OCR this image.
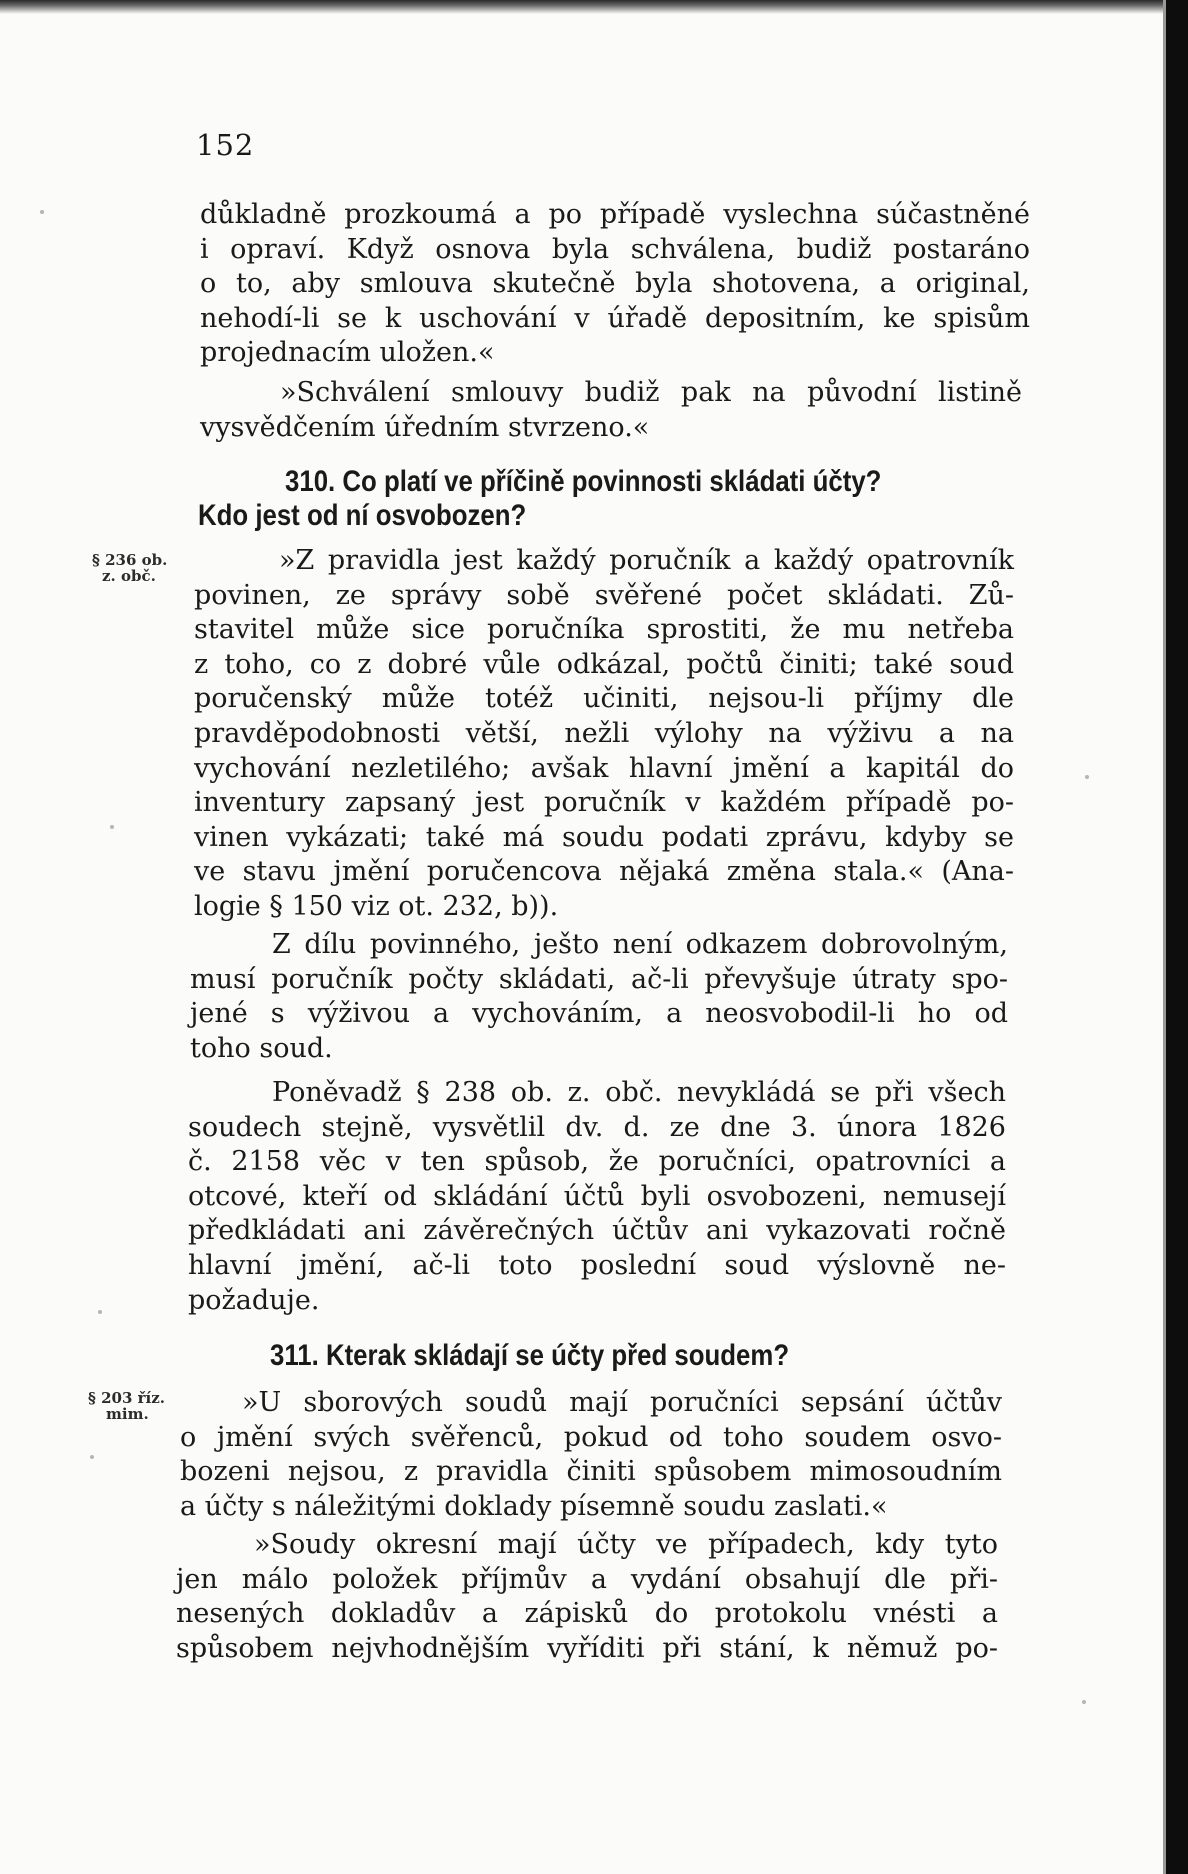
152
důkladně prozkoumá a po případě vyslechna súčastněné
i opraví. Když osnova byla schválena, budiž postaráno
o to, aby smlouva skutečně byla shotovena, a original,
nehodí-li se k uschování v úřadě depositním, ke spisům
projednacím uložen.«
»Schválení smlouvy budiž pak na původní listině
vysvědčením úředním stvrzeno.«
310. Co platí ve příčině povinnosti skládati účty?
Kdo jest od ní osvobozen?
§ 236 ob.
z. obč.	»Z pravidla jest každý poručník a každý opatrovník
povinen, ze správy sobě svěřené počet skládati. Zů-
stavitel může sice poručníka sprostiti, že mu netřeba
z toho, co z dobré vůle odkázal, počtů činiti; také soud
poručenský může totéž učiniti, nejsou-li příjmy dle
pravděpodobnosti větší, nežli výlohy na výživu a na
vychování nezletilého; avšak hlavní jmění a kapitál do
inventury zapsaný jest poručník v každém případě po-
vinen vykázati; také má soudu podati zprávu, kdyby se
ve stavu jmění poručencova nějaká změna stala.« (Ana-
logie § 150 viz ot. 232, b)).
Z dílu povinného, ještо není odkazem dobrovolným,
musí poručník počty skládati, ač-li převyšuje útraty spo-
jené s výživou a vychováním, a neosvobodil-li ho od
toho soud.
Poněvadž § 238 ob. z. obč. nevykládá se při všech
soudech stejně, vysvětlil dv. d. ze dne 3. února 1826
č. 2158 věc v ten spůsob, že poručníci, opatrovníci a
otcové, kteří od skládání účtů byli osvobozeni, nemusejí
předkládati ani závěrečných účtův ani vykazovati ročně
hlavní jmění, ač-li toto poslední soud výslovně ne-
požaduje.
311. Kterak skládají se účty před soudem?
§ 203 říz.
mim.	»U sborových soudů mají poručníci sepsání účtův
o jmění svých svěřenců, pokud od toho soudem osvo-
bozeni nejsou, z pravidla činiti spůsobem mimosoudním
a účty s náležitými doklady písemně soudu zaslati.«
»Soudy okresní mají účty ve případech, kdy tyto
jen málo položek příjmův a vydání obsahují dle při-
nesených dokladův a zápisků do protokolu vnésti a
spůsobem nejvhodnějším vyříditi při stání, k němuž po-
